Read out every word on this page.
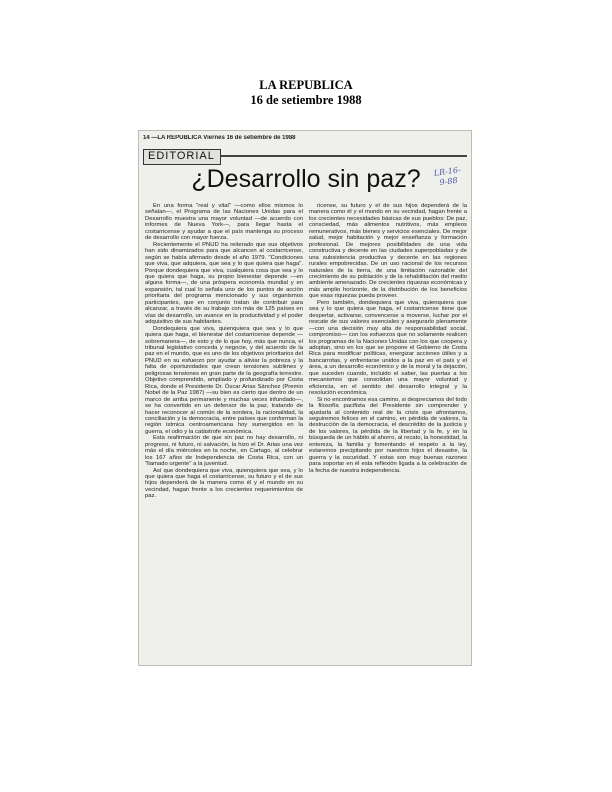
LA REPUBLICA
16 de setiembre 1988
14 —LA REPUBLICA Viernes 16 de setiembre de 1988
EDITORIAL
¿Desarrollo sin paz?	LR-16-9-88

En una forma "real y vital" —como ellos mismos lo señalan—, el Programa de las Naciones Unidas para el Desarrollo muestra una mayor voluntad —de acuerdo con informes de Nueva York—, para llegar hasta el costarricense y ayudar a que el país mantenga su proceso de desarrollo con mayor fuerza.

Recientemente el PNUD ha reiterado que sus objetivos han sido dinamizados para que alcancen al costarricense, según se había afirmado desde el año 1979. "Condiciones que viva, que adquiera, que sea y lo que quiera que haga". Porque dondequiera que viva, cualquiera cosa que sea y lo que quiera que haga, su propio bienestar depende —en alguna forma—, de una próspera economía mundial y en expansión, tal cual lo señala uno de los puntos de acción prioritaria del programa mencionado y sus organismos participantes, que en conjunto tratan de contribuir para alcanzar, a través de su trabajo con más de 125 países en vías de desarrollo, un avance en la productividad y el poder adquisitivo de sus habitantes.

Dondequiera que viva, quienquiera que sea y lo que quiera que haga, el bienestar del costarricense depende —sobremanera—, de esto y de lo que hoy, más que nunca, el tribunal legislativo conceda y negocie, y del acuerdo de la paz en el mundo, que es uno de los objetivos prioritarios del PNUD en su esfuerzo por ayudar a aliviar la pobreza y la falta de oportunidades que crean tensiones sublimes y peligrosas tensiones en gran parte de la geografía terrestre. Objetivo comprendido, ampliado y profundizado por Costa Rica, donde el Presidente Dr. Óscar Arias Sánchez (Premio Nobel de la Paz 1987) —su bien es cierto que dentro de un marco de arriba permanente y muchas veces infundado—, se ha convertido en un defensor de la paz, tratando de hacer reconocer al común de la sordera, la racionalidad, la conciliación y la democracia, entre países que conforman la región istmica centroamericana hoy sumergidos en la guerra, el odio y la catástrofe económica.

Esta reafirmación de que sin paz no hay desarrollo, ni progreso, ni futuro, ni salvación, la hizo el Dr. Arias una vez más el día miércoles en la noche, en Cartago, al celebrar los 167 años de Independencia de Costa Rica, con un "llamado urgente" a la juventud.

Así que dondequiera que viva, quienquiera que sea, y lo que quiera que haga el costarricense, su futuro y el de sus hijos dependerá de la manera como él y el mundo en su vecindad, hagan frente a los crecientes requerimientos de paz.

ricense, su futuro y el de sus hijos dependerá de la manera como él y el mundo en su vecindad, hagan frente a los crecientes necesidades básicas de sus pueblos: De paz, consciedad, más alimentos nutritivos, más empleos remunerativos, más bienes y servicios esenciales. De mejor salud, mejor habitación y mejor enseñanza y formación profesional. De mejores posibilidades de una vida constructiva y decente en las ciudades superpobladas y de una subsistencia productiva y decente en las regiones rurales empobrecidas. De un uso racional de los recursos naturales de la tierra, de una limitación razonable del crecimiento de su población y de la rehabilitación del medio ambiente amenazado. De crecientes riquezas económicas y más amplio horizonte, de la distribución de los beneficios que esas riquezas pueda proveer.

Pero también, dondequiera que viva, quienquiera que sea y lo que quiera que haga, el costarricense tiene que despertar, activarse, convencerse a moverse, luchar por el rescate de sus valores esenciales y asegurarlo plenamente —con una decisión muy alta de responsabilidad social, compromiso— con los esfuerzos que no solamente realicen los programas de la Naciones Unidas con los que coopera y adoptan, sino en los que se propone el Gobierno de Costa Rica para modificar políticas, energizar acciones útiles y a bancarrotas, y enfrentarse unidos a la paz en el país y el área, a un desarrollo económico y de la moral y la dejación, que suceden cuando, incluido el saber, las puertas a los mecanismos que consolidan una mayor voluntad y eficiencia, en el sentido del desarrollo integral y la resolución económica.

Si no encontramos esa camino, si despreciamos del todo la filosofía pacifista del Presidente sin comprender y ajustarla al contenido real de la crisis que afrontamos, seguiremos felices en el camino, en pérdida de valores, la destrucción de la democracia, el descrédito de la justicia y de los valores, la pérdida de la libertad y la fe, y en la búsqueda de un hábito al ahorro, al recato, la honestidad, la entereza, la familia y fomentando el respeto a la ley, estaremos precipitando por nuestros hijos el desastre, la guerra y la oscuridad. Y estas son muy buenas razones para soportar en él esta reflexión ligada a la celebración de la fecha de nuestra independencia.
